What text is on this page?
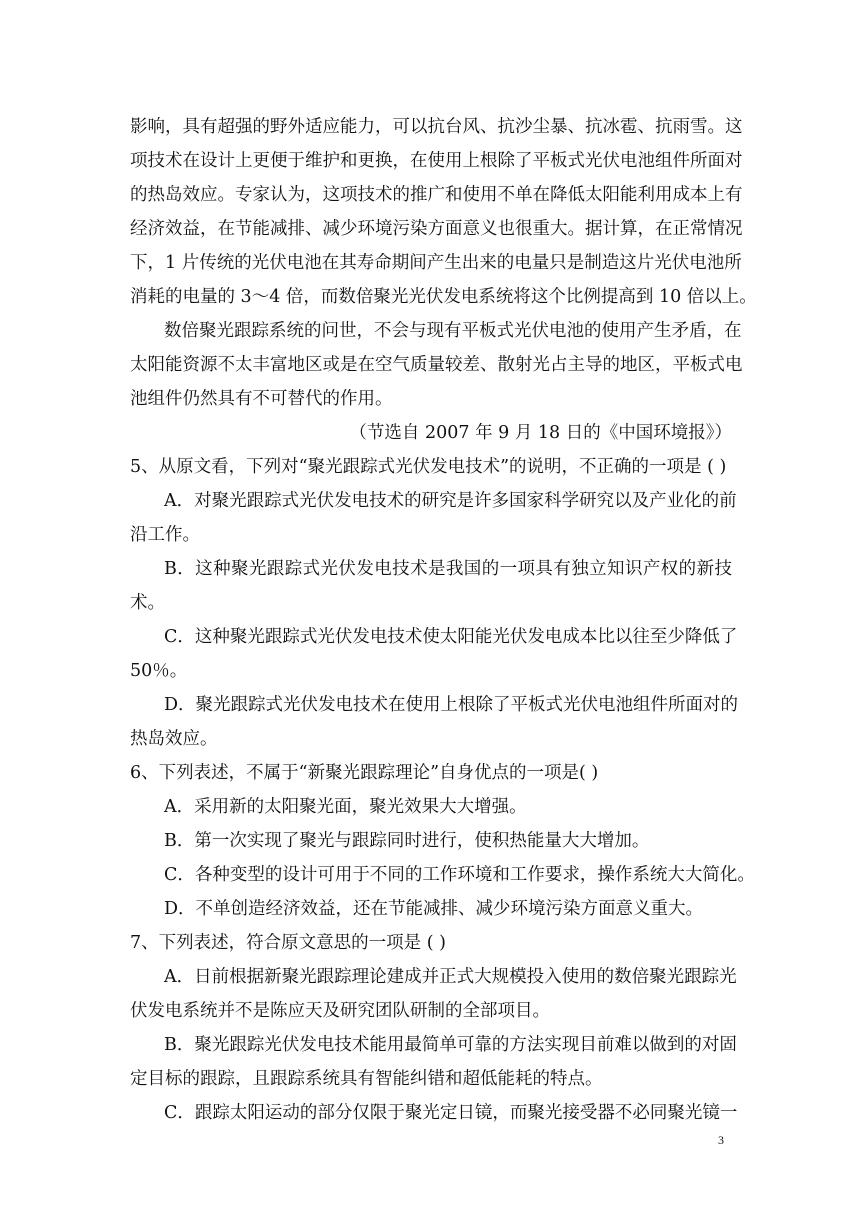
影响，具有超强的野外适应能力，可以抗台风、抗沙尘暴、抗冰雹、抗雨雪。这
项技术在设计上更便于维护和更换，在使用上根除了平板式光伏电池组件所面对
的热岛效应。专家认为，这项技术的推广和使用不单在降低太阳能利用成本上有
经济效益，在节能减排、减少环境污染方面意义也很重大。据计算，在正常情况
下，1 片传统的光伏电池在其寿命期间产生出来的电量只是制造这片光伏电池所
消耗的电量的 3～4 倍，而数倍聚光光伏发电系统将这个比例提高到 10 倍以上。
数倍聚光跟踪系统的问世，不会与现有平板式光伏电池的使用产生矛盾，在
太阳能资源不太丰富地区或是在空气质量较差、散射光占主导的地区，平板式电
池组件仍然具有不可替代的作用。
（节选自 2007 年 9 月 18 日的《中国环境报》）
5、从原文看，下列对“聚光跟踪式光伏发电技术”的说明，不正确的一项是 ( )
A．对聚光跟踪式光伏发电技术的研究是许多国家科学研究以及产业化的前
沿工作。
B．这种聚光跟踪式光伏发电技术是我国的一项具有独立知识产权的新技
术。
C．这种聚光跟踪式光伏发电技术使太阳能光伏发电成本比以往至少降低了
50％。
D．聚光跟踪式光伏发电技术在使用上根除了平板式光伏电池组件所面对的
热岛效应。
6、下列表述，不属于“新聚光跟踪理论”自身优点的一项是( )
A．采用新的太阳聚光面，聚光效果大大增强。
B．第一次实现了聚光与跟踪同时进行，使积热能量大大增加。
C．各种变型的设计可用于不同的工作环境和工作要求，操作系统大大简化。
D．不单创造经济效益，还在节能减排、减少环境污染方面意义重大。
7、下列表述，符合原文意思的一项是 ( )
A．日前根据新聚光跟踪理论建成并正式大规模投入使用的数倍聚光跟踪光
伏发电系统并不是陈应天及研究团队研制的全部项目。
B．聚光跟踪光伏发电技术能用最简单可靠的方法实现目前难以做到的对固
定目标的跟踪，且跟踪系统具有智能纠错和超低能耗的特点。
C．跟踪太阳运动的部分仅限于聚光定日镜，而聚光接受器不必同聚光镜一
3
